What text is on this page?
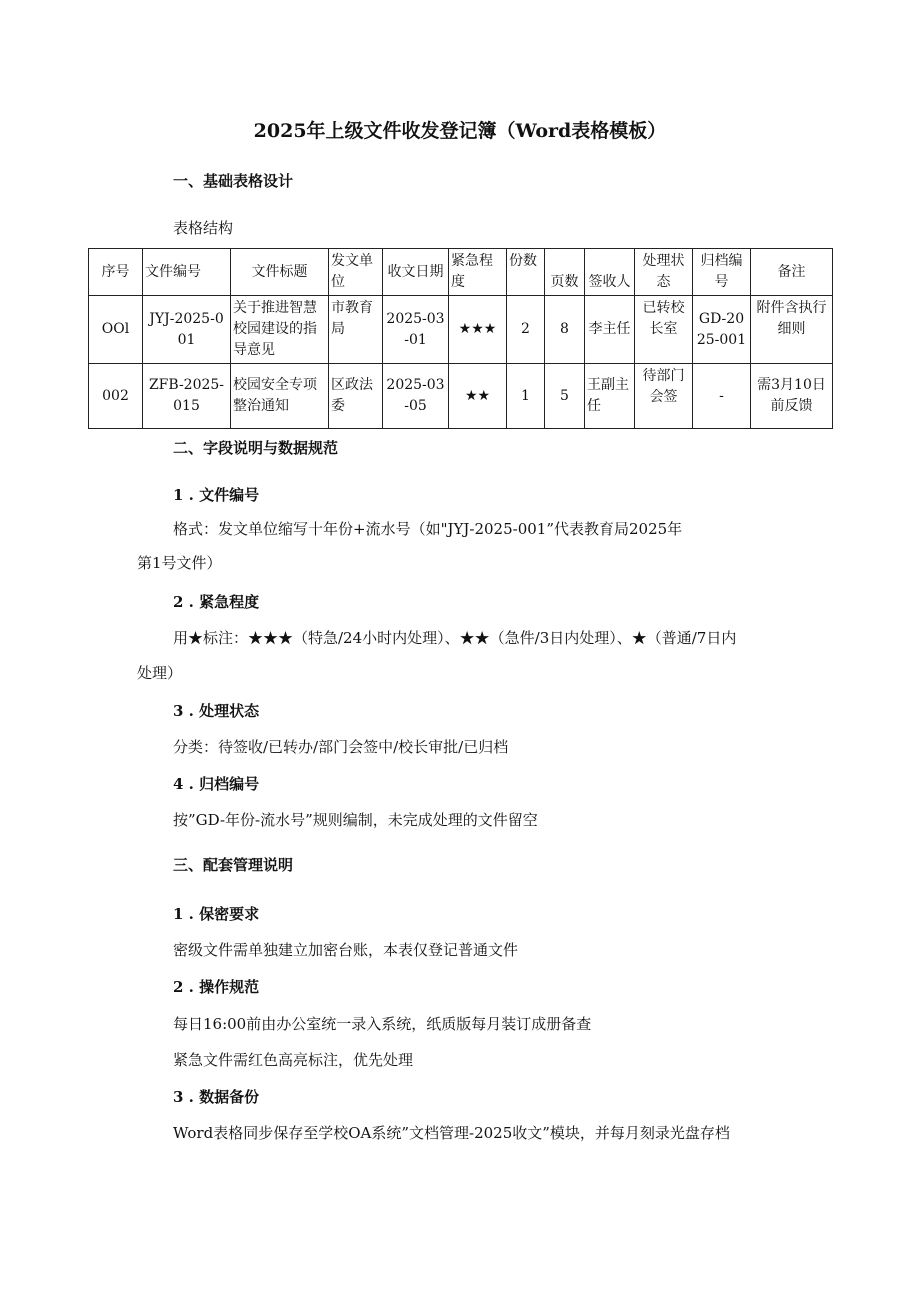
2025年上级文件收发登记簿（Word表格模板）
一、基础表格设计
表格结构
序号	文件编号	文件标题	发文单位	收文日期	紧急程度	份数	页数	签收人	处理状态	归档编号	备注
OOl	JYJ-2025-001	关于推进智慧校园建设的指导意见	市教育局	2025-03-01	★★★	2	8	李主任	已转校长室	GD-2025-001	附件含执行细则
002	ZFB-2025-015	校园安全专项整治通知	区政法委	2025-03-05	★★	1	5	王副主任	待部门会签	-	需3月10日前反馈
二、字段说明与数据规范
1 . 文件编号
格式：发文单位缩写十年份+流水号（如"JYJ-2025-001”代表教育局2025年
第1号文件）
2 . 紧急程度
用★标注：★★★（特急/24小时内处理）、★★（急件/3日内处理）、★（普通/7日内
处理）
3 . 处理状态
分类：待签收/已转办/部门会签中/校长审批/已归档
4 . 归档编号
按”GD-年份-流水号”规则编制，未完成处理的文件留空
三、配套管理说明
1 . 保密要求
密级文件需单独建立加密台账，本表仅登记普通文件
2 . 操作规范
每日16:00前由办公室统一录入系统，纸质版每月装订成册备查
紧急文件需红色高亮标注，优先处理
3 . 数据备份
Word表格同步保存至学校OA系统”文档管理-2025收文”模块，并每月刻录光盘存档
